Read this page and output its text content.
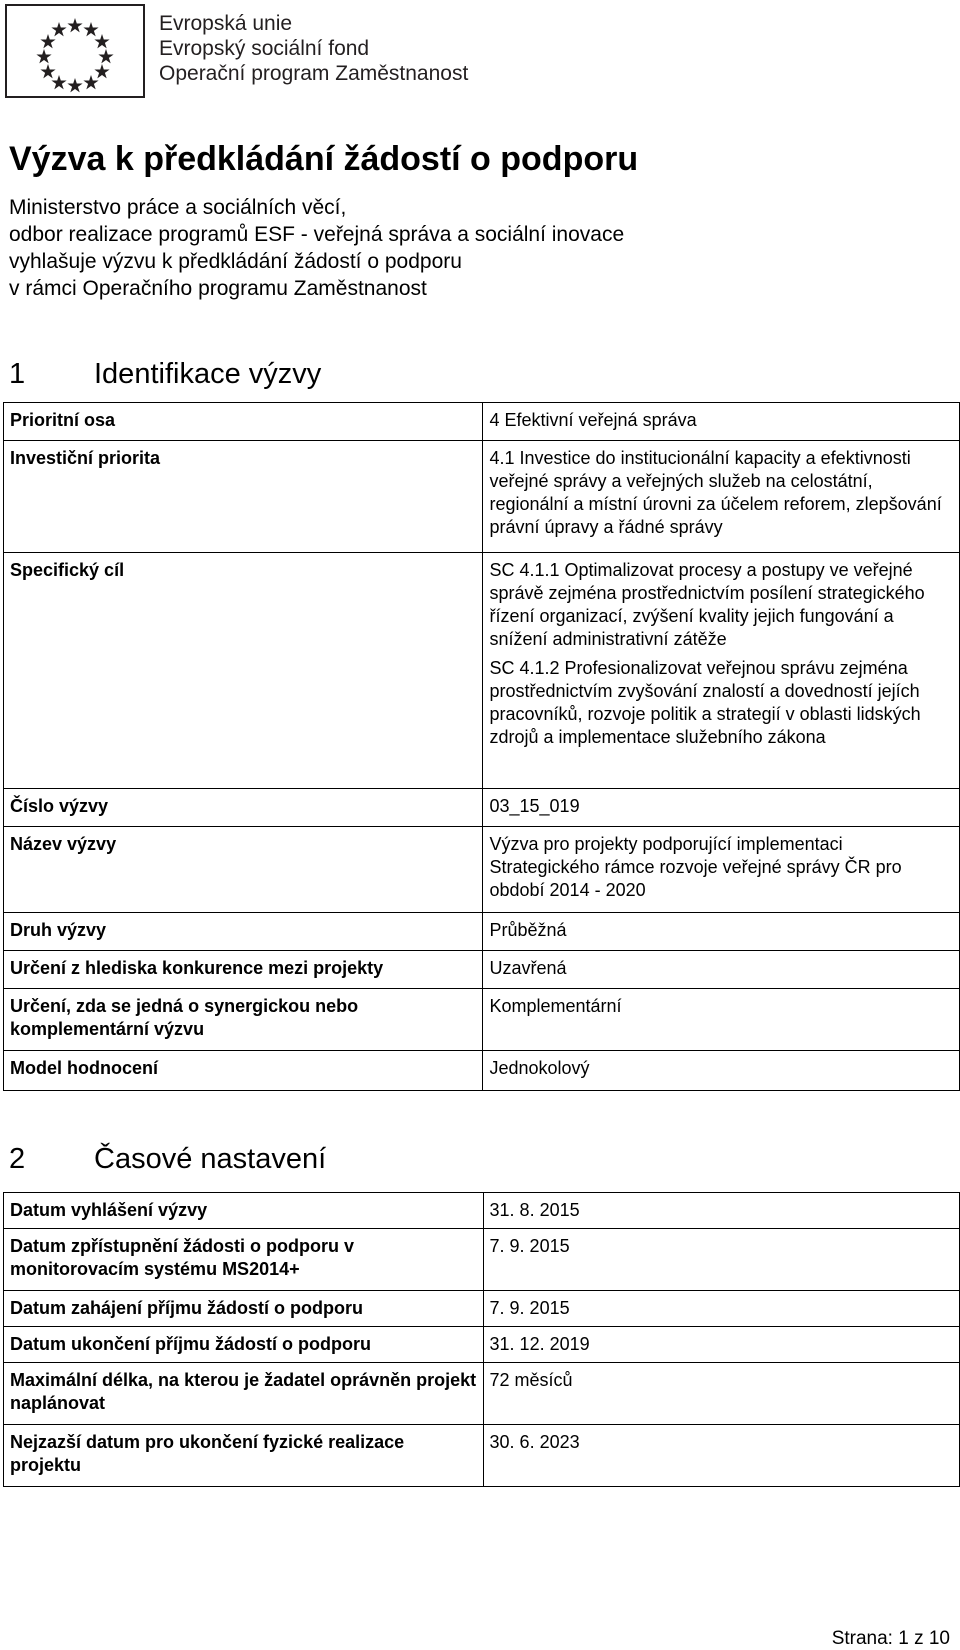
Evropská unie
Evropský sociální fond
Operační program Zaměstnanost
Výzva k předkládání žádostí o podporu
Ministerstvo práce a sociálních věcí,
odbor realizace programů ESF - veřejná správa a sociální inovace
vyhlašuje výzvu k předkládání žádostí o podporu
v rámci Operačního programu Zaměstnanost
1 Identifikace výzvy
Prioritní osa	4 Efektivní veřejná správa
Investiční priorita	4.1 Investice do institucionální kapacity a efektivnosti veřejné správy a veřejných služeb na celostátní, regionální a místní úrovni za účelem reforem, zlepšování právní úpravy a řádné správy
Specifický cíl	SC 4.1.1 Optimalizovat procesy a postupy ve veřejné správě zejména prostřednictvím posílení strategického řízení organizací, zvýšení kvality jejich fungování a snížení administrativní zátěže
SC 4.1.2 Profesionalizovat veřejnou správu zejména prostřednictvím zvyšování znalostí a dovedností jejích pracovníků, rozvoje politik a strategií v oblasti lidských zdrojů a implementace služebního zákona

Číslo výzvy	03_15_019
Název výzvy	Výzva pro projekty podporující implementaci Strategického rámce rozvoje veřejné správy ČR pro období 2014 - 2020
Druh výzvy	Průběžná
Určení z hlediska konkurence mezi projekty	Uzavřená
Určení, zda se jedná o synergickou nebo komplementární výzvu	Komplementární
Model hodnocení	Jednokolový
2 Časové nastavení
Datum vyhlášení výzvy	31. 8. 2015
Datum zpřístupnění žádosti o podporu v monitorovacím systému MS2014+	7. 9. 2015
Datum zahájení příjmu žádostí o podporu	7. 9. 2015
Datum ukončení příjmu žádostí o podporu	31. 12. 2019
Maximální délka, na kterou je žadatel oprávněn projekt naplánovat	72 měsíců
Nejzazší datum pro ukončení fyzické realizace projektu	30. 6. 2023
Strana: 1 z 10
